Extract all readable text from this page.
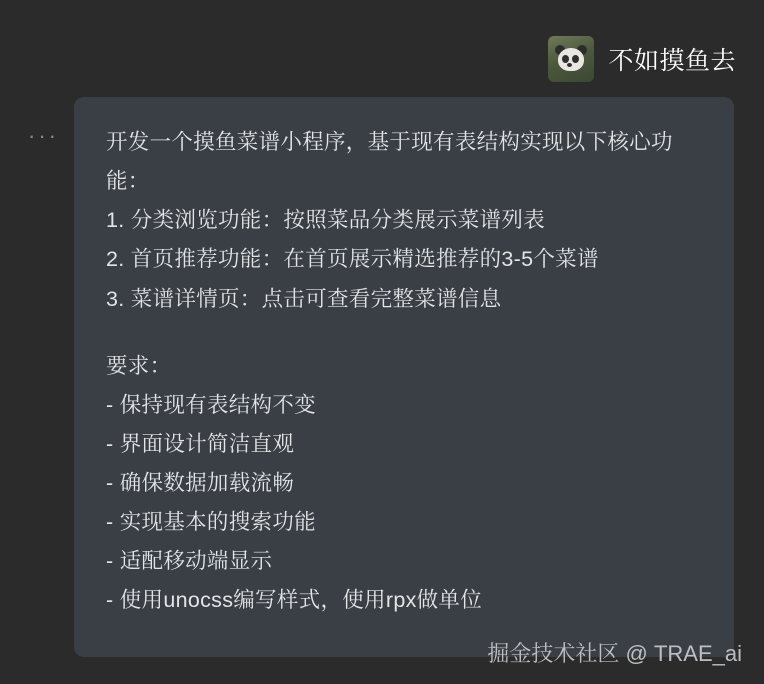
不如摸鱼去
··· 开发一个摸鱼菜谱小程序，基于现有表结构实现以下核心功能：

1. 分类浏览功能：按照菜品分类展示菜谱列表
2. 首页推荐功能：在首页展示精选推荐的3-5个菜谱
3. 菜谱详情页：点击可查看完整菜谱信息
要求：
- 保持现有表结构不变
- 界面设计简洁直观
- 确保数据加载流畅
- 实现基本的搜索功能
- 适配移动端显示
- 使用unocss编写样式，使用rpx做单位
掘金技术社区 @ TRAE_ai
